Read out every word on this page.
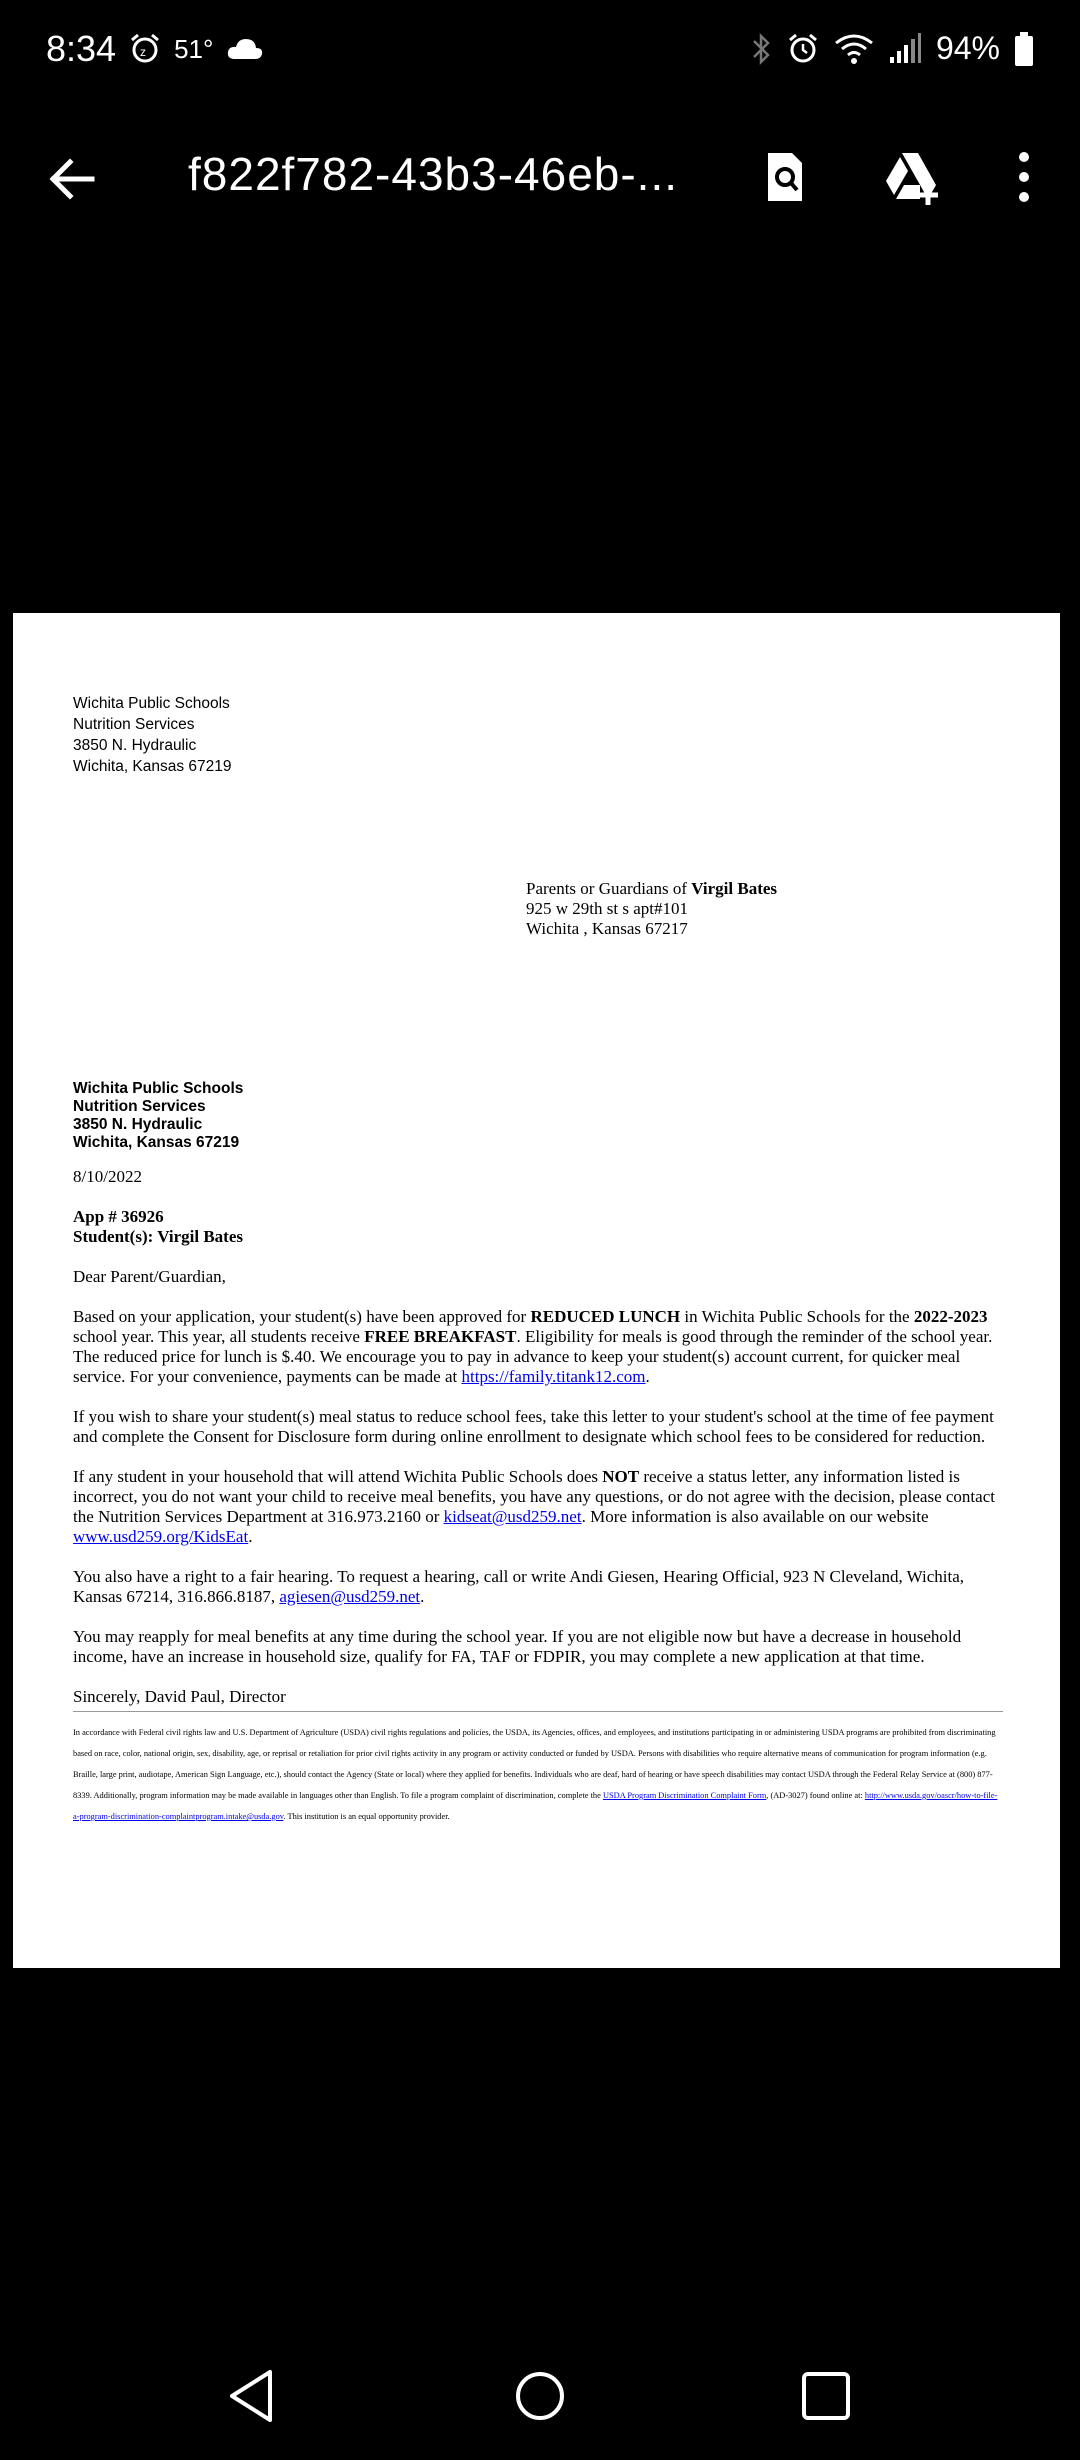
8:34 z 51°	94%
f822f782-43b3-46eb-...
Wichita Public Schools
Nutrition Services
3850 N. Hydraulic
Wichita, Kansas 67219
Parents or Guardians of Virgil Bates
925 w 29th st s apt#101
Wichita , Kansas 67217
Wichita Public Schools
Nutrition Services
3850 N. Hydraulic
Wichita, Kansas 67219

8/10/2022

App # 36926
Student(s): Virgil Bates

Dear Parent/Guardian,

Based on your application, your student(s) have been approved for REDUCED LUNCH in Wichita Public Schools for the 2022-2023 school year. This year, all students receive FREE BREAKFAST. Eligibility for meals is good through the reminder of the school year. The reduced price for lunch is $.40. We encourage you to pay in advance to keep your student(s) account current, for quicker meal service. For your convenience, payments can be made at https://family.titank12.com.

If you wish to share your student(s) meal status to reduce school fees, take this letter to your student's school at the time of fee payment and complete the Consent for Disclosure form during online enrollment to designate which school fees to be considered for reduction.

If any student in your household that will attend Wichita Public Schools does NOT receive a status letter, any information listed is incorrect, you do not want your child to receive meal benefits, you have any questions, or do not agree with the decision, please contact the Nutrition Services Department at 316.973.2160 or kidseat@usd259.net. More information is also available on our website www.usd259.org/KidsEat.

You also have a right to a fair hearing. To request a hearing, call or write Andi Giesen, Hearing Official, 923 N Cleveland, Wichita, Kansas 67214, 316.866.8187, agiesen@usd259.net.

You may reapply for meal benefits at any time during the school year. If you are not eligible now but have a decrease in household income, have an increase in household size, qualify for FA, TAF or FDPIR, you may complete a new application at that time.

Sincerely, David Paul, Director
In accordance with Federal civil rights law and U.S. Department of Agriculture (USDA) civil rights regulations and policies, the USDA, its Agencies, offices, and employees, and institutions participating in or administering USDA programs are prohibited from discriminating based on race, color, national origin, sex, disability, age, or reprisal or retaliation for prior civil rights activity in any program or activity conducted or funded by USDA. Persons with disabilities who require alternative means of communication for program information (e.g. Braille, large print, audiotape, American Sign Language, etc.), should contact the Agency (State or local) where they applied for benefits. Individuals who are deaf, hard of hearing or have speech disabilities may contact USDA through the Federal Relay Service at (800) 877-8339. Additionally, program information may be made available in languages other than English. To file a program complaint of discrimination, complete the USDA Program Discrimination Complaint Form, (AD-3027) found online at: http://www.usda.gov/oascr/how-to-file-a-program-discrimination-complaintprogram.intake@usda.gov. This institution is an equal opportunity provider.
